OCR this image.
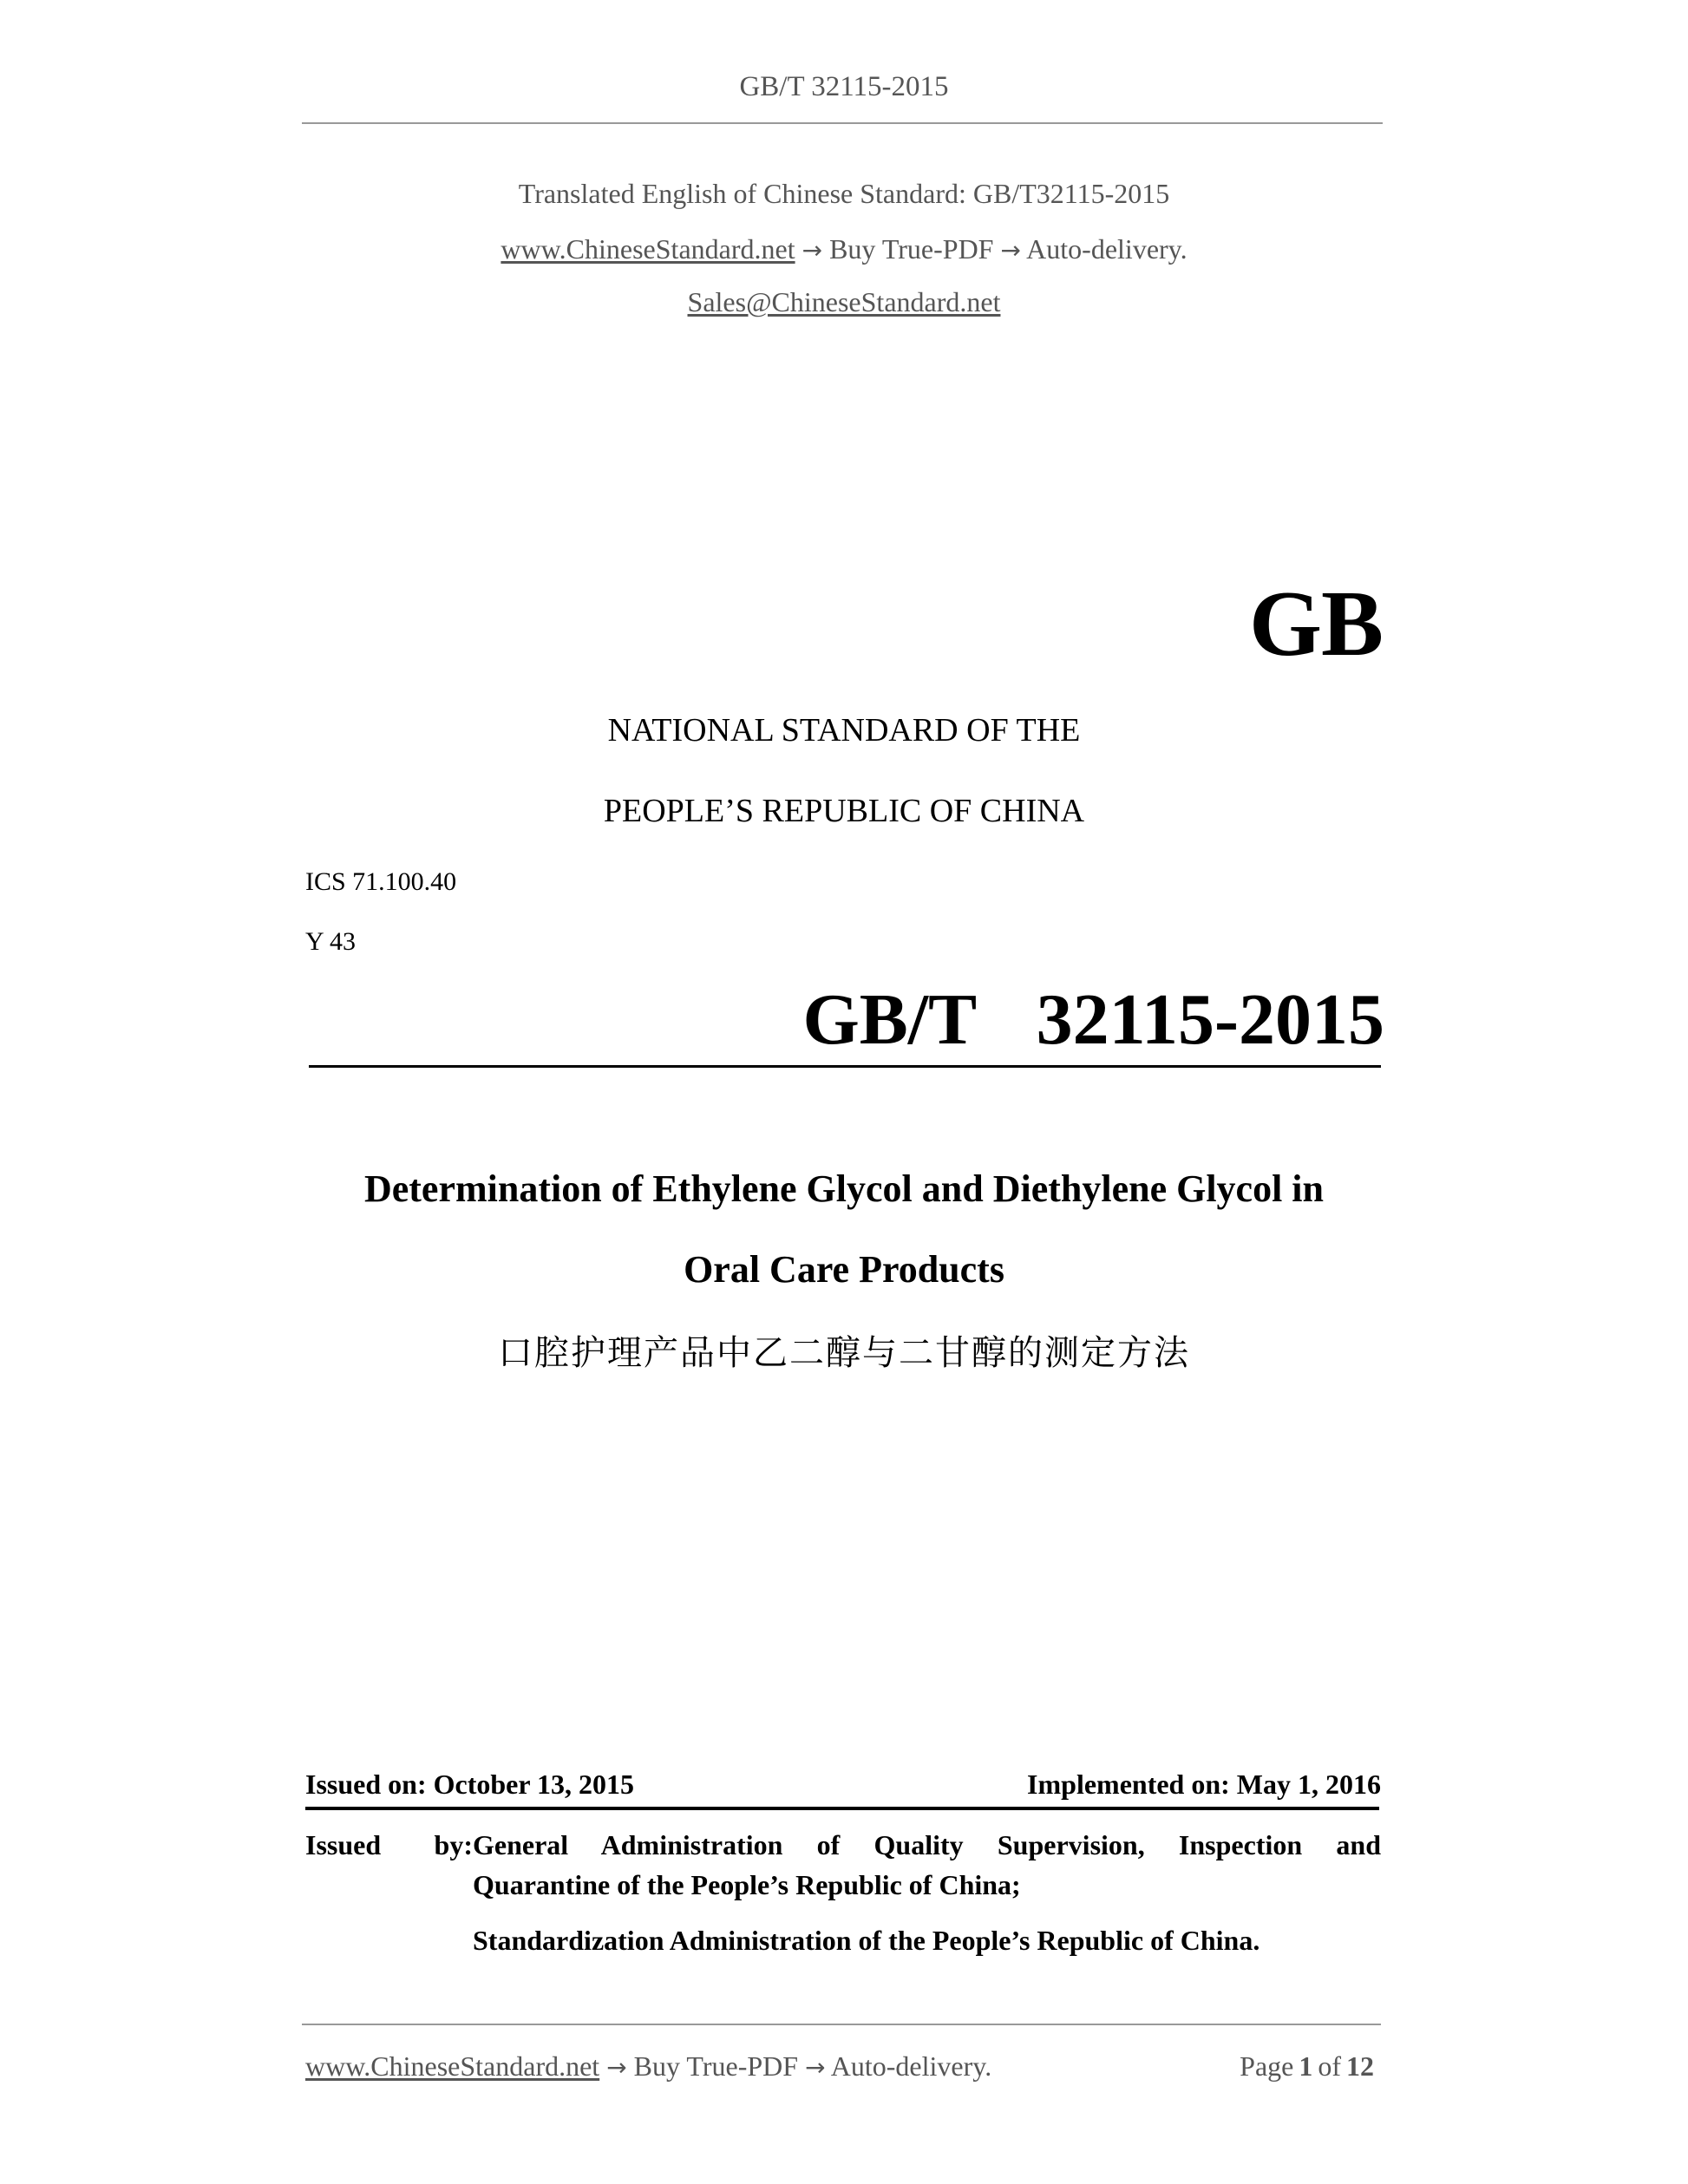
GB/T 32115-2015
Translated English of Chinese Standard: GB/T32115-2015
www.ChineseStandard.net → Buy True-PDF → Auto-delivery.
Sales@ChineseStandard.net
GB
NATIONAL STANDARD OF THE
PEOPLE’S REPUBLIC OF CHINA
ICS 71.100.40
Y 43
GB/T  32115-2015
Determination of Ethylene Glycol and Diethylene Glycol in
Oral Care Products
口腔护理产品中乙二醇与二甘醇的测定方法
Issued on: October 13, 2015	Implemented on: May 1, 2016
Issued by: General Administration of Quality Supervision, Inspection and
Quarantine of the People’s Republic of China;
Standardization Administration of the People’s Republic of China.
www.ChineseStandard.net → Buy True-PDF → Auto-delivery.	Page 1 of 12
